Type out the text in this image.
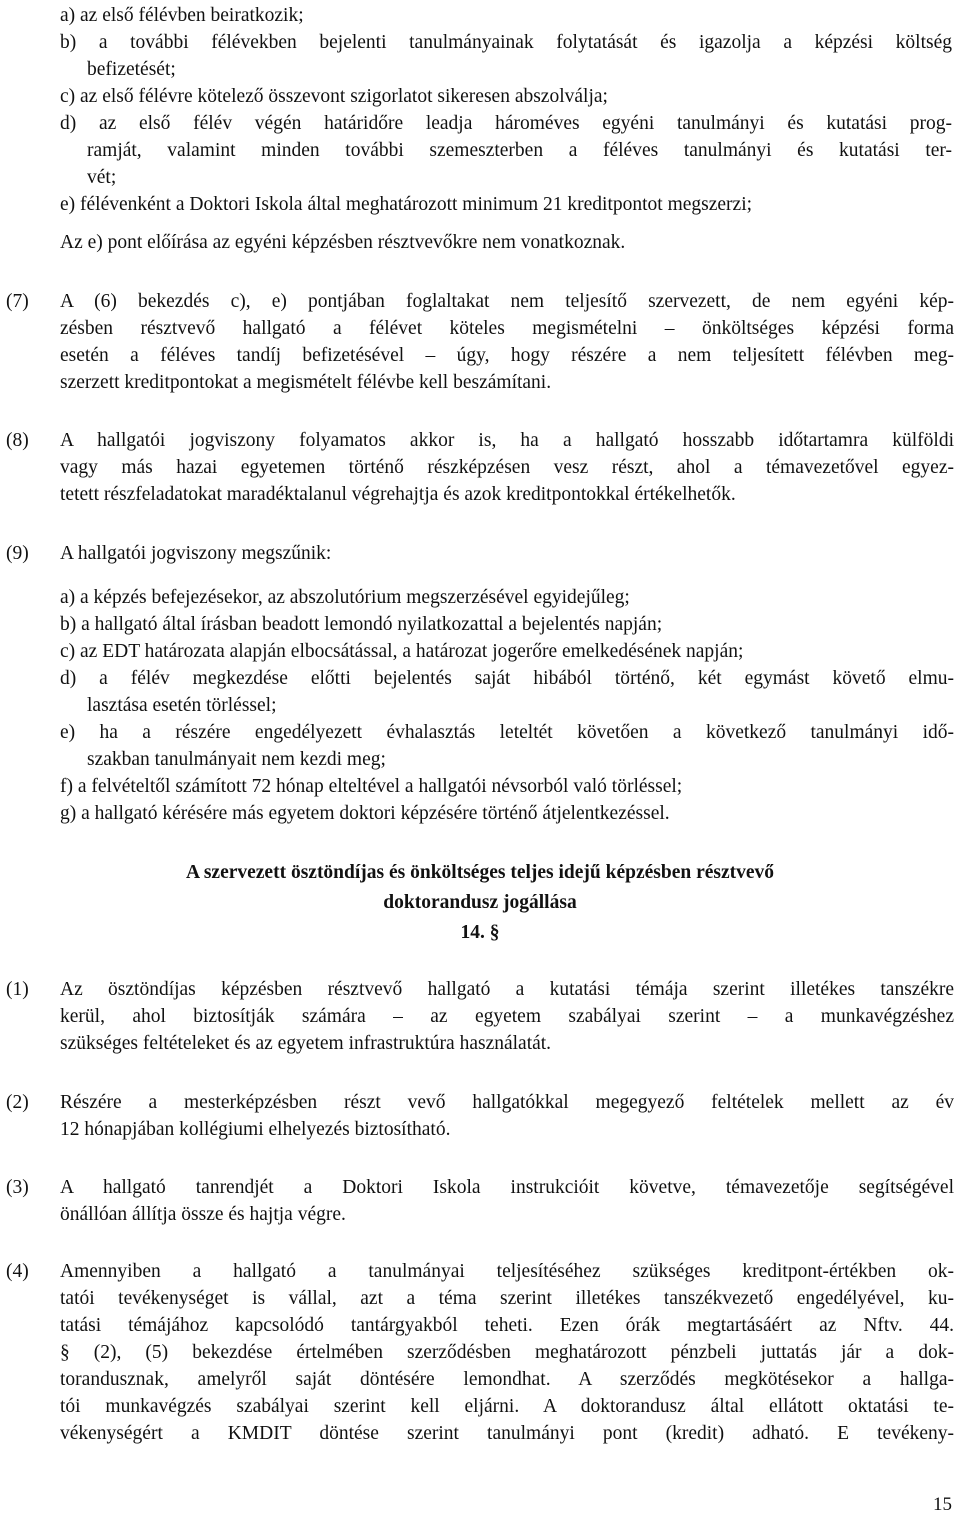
a) az első félévben beiratkozik;
b) a további félévekben bejelenti tanulmányainak folytatását és igazolja a képzési költség
befizetését;
c) az első félévre kötelező összevont szigorlatot sikeresen abszolválja;
d) az első félév végén határidőre leadja hároméves egyéni tanulmányi és kutatási prog-
ramját, valamint minden további szemeszterben a féléves tanulmányi és kutatási ter-
vét;
e) félévenként a Doktori Iskola által meghatározott minimum 21 kreditpontot megszerzi;
Az e) pont előírása az egyéni képzésben résztvevőkre nem vonatkoznak.
(7) A (6) bekezdés c), e) pontjában foglaltakat nem teljesítő szervezett, de nem egyéni kép-
zésben résztvevő hallgató a félévet köteles megismételni – önköltséges képzési forma
esetén a féléves tandíj befizetésével – úgy, hogy részére a nem teljesített félévben meg-
szerzett kreditpontokat a megismételt félévbe kell beszámítani.
(8) A hallgatói jogviszony folyamatos akkor is, ha a hallgató hosszabb időtartamra külföldi
vagy más hazai egyetemen történő részképzésen vesz részt, ahol a témavezetővel egyez-
tetett részfeladatokat maradéktalanul végrehajtja és azok kreditpontokkal értékelhetők.
(9) A hallgatói jogviszony megszűnik:
a) a képzés befejezésekor, az abszolutórium megszerzésével egyidejűleg;
b) a hallgató által írásban beadott lemondó nyilatkozattal a bejelentés napján;
c) az EDT határozata alapján elbocsátással, a határozat jogerőre emelkedésének napján;
d) a félév megkezdése előtti bejelentés saját hibából történő, két egymást követő elmu-
lasztása esetén törléssel;
e) ha a részére engedélyezett évhalasztás leteltét követően a következő tanulmányi idő-
szakban tanulmányait nem kezdi meg;
f) a felvételtől számított 72 hónap elteltével a hallgatói névsorból való törléssel;
g) a hallgató kérésére más egyetem doktori képzésére történő átjelentkezéssel.
A szervezett ösztöndíjas és önköltséges teljes idejű képzésben résztvevő
doktorandusz jogállása
14. §
(1) Az ösztöndíjas képzésben résztvevő hallgató a kutatási témája szerint illetékes tanszékre
kerül, ahol biztosítják számára – az egyetem szabályai szerint – a munkavégzéshez
szükséges feltételeket és az egyetem infrastruktúra használatát.
(2) Részére a mesterképzésben részt vevő hallgatókkal megegyező feltételek mellett az év
12 hónapjában kollégiumi elhelyezés biztosítható.
(3) A hallgató tanrendjét a Doktori Iskola instrukcióit követve, témavezetője segítségével
önállóan állítja össze és hajtja végre.
(4) Amennyiben a hallgató a tanulmányai teljesítéséhez szükséges kreditpont-értékben ok-
tatói tevékenységet is vállal, azt a téma szerint illetékes tanszékvezető engedélyével, ku-
tatási témájához kapcsolódó tantárgyakból teheti. Ezen órák megtartásáért az Nftv. 44.
§ (2), (5) bekezdése értelmében szerződésben meghatározott pénzbeli juttatás jár a dok-
torandusznak, amelyről saját döntésére lemondhat. A szerződés megkötésekor a hallga-
tói munkavégzés szabályai szerint kell eljárni. A doktorandusz által ellátott oktatási te-
vékenységért a KMDIT döntése szerint tanulmányi pont (kredit) adható. E tevékeny-
15
